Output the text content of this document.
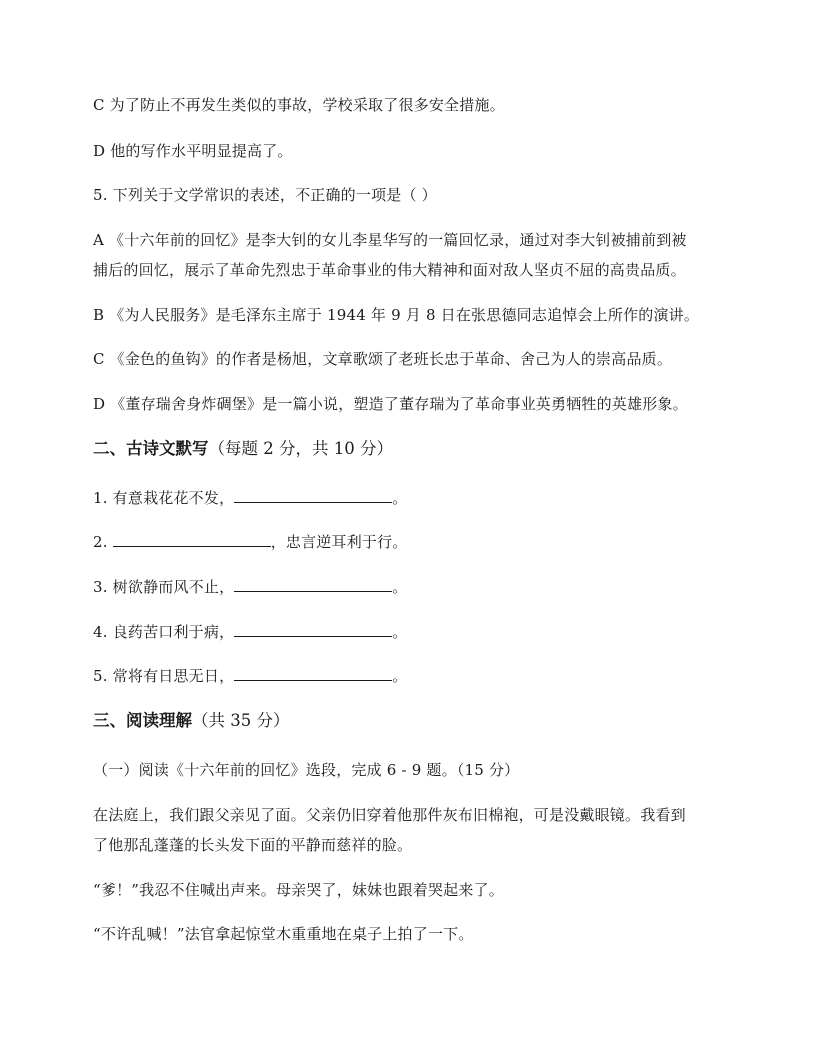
C 为了防止不再发生类似的事故，学校采取了很多安全措施。
D 他的写作水平明显提高了。
5. 下列关于文学常识的表述，不正确的一项是（ ）
A 《十六年前的回忆》是李大钊的女儿李星华写的一篇回忆录，通过对李大钊被捕前到被
捕后的回忆，展示了革命先烈忠于革命事业的伟大精神和面对敌人坚贞不屈的高贵品质。
B 《为人民服务》是毛泽东主席于 1944 年 9 月 8 日在张思德同志追悼会上所作的演讲。
C 《金色的鱼钩》的作者是杨旭，文章歌颂了老班长忠于革命、舍己为人的崇高品质。
D 《董存瑞舍身炸碉堡》是一篇小说，塑造了董存瑞为了革命事业英勇牺牲的英雄形象。
二、古诗文默写（每题 2 分，共 10 分）
1. 有意栽花花不发，	。
2.	，忠言逆耳利于行。
3. 树欲静而风不止，	。
4. 良药苦口利于病，	。
5. 常将有日思无日，	。
三、阅读理解（共 35 分）
（一）阅读《十六年前的回忆》选段，完成 6 - 9 题。（15 分）
在法庭上，我们跟父亲见了面。父亲仍旧穿着他那件灰布旧棉袍，可是没戴眼镜。我看到
了他那乱蓬蓬的长头发下面的平静而慈祥的脸。
“爹！”我忍不住喊出声来。母亲哭了，妹妹也跟着哭起来了。
“不许乱喊！”法官拿起惊堂木重重地在桌子上拍了一下。
